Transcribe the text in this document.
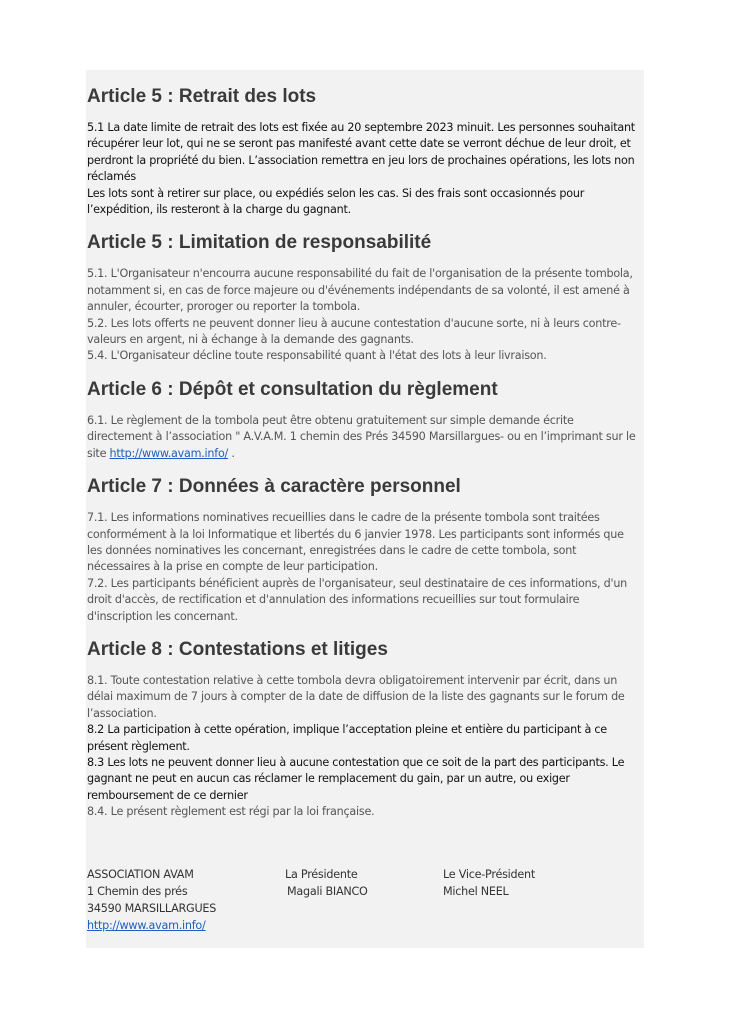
Article 5 : Retrait des lots

5.1 La date limite de retrait des lots est fixée au 20 septembre 2023 minuit. Les personnes souhaitant récupérer leur lot, qui ne se seront pas manifesté avant cette date se verront déchue de leur droit, et perdront la propriété du bien. L’association remettra en jeu lors de prochaines opérations, les lots non réclamés

Les lots sont à retirer sur place, ou expédiés selon les cas. Si des frais sont occasionnés pour l’expédition, ils resteront à la charge du gagnant.

Article 5 : Limitation de responsabilité

5.1. L'Organisateur n'encourra aucune responsabilité du fait de l'organisation de la présente tombola, notamment si, en cas de force majeure ou d'événements indépendants de sa volonté, il est amené à annuler, écourter, proroger ou reporter la tombola.

5.2. Les lots offerts ne peuvent donner lieu à aucune contestation d'aucune sorte, ni à leurs contre-valeurs en argent, ni à échange à la demande des gagnants.

5.4. L'Organisateur décline toute responsabilité quant à l'état des lots à leur livraison.

Article 6 : Dépôt et consultation du règlement

6.1. Le règlement de la tombola peut être obtenu gratuitement sur simple demande écrite directement à l’association " A.V.A.M. 1 chemin des Prés 34590 Marsillargues- ou en l’imprimant sur le site http://www.avam.info/ .

Article 7 : Données à caractère personnel

7.1. Les informations nominatives recueillies dans le cadre de la présente tombola sont traitées conformément à la loi Informatique et libertés du 6 janvier 1978. Les participants sont informés que les données nominatives les concernant, enregistrées dans le cadre de cette tombola, sont nécessaires à la prise en compte de leur participation.

7.2. Les participants bénéficient auprès de l'organisateur, seul destinataire de ces informations, d'un droit d'accès, de rectification et d'annulation des informations recueillies sur tout formulaire d'inscription les concernant.

Article 8 : Contestations et litiges

8.1. Toute contestation relative à cette tombola devra obligatoirement intervenir par écrit, dans un délai maximum de 7 jours à compter de la date de diffusion de la liste des gagnants sur le forum de l’association.

8.2 La participation à cette opération, implique l’acceptation pleine et entière du participant à ce présent règlement.

8.3 Les lots ne peuvent donner lieu à aucune contestation que ce soit de la part des participants. Le gagnant ne peut en aucun cas réclamer le remplacement du gain, par un autre, ou exiger remboursement de ce dernier

8.4. Le présent règlement est régi par la loi française.

ASSOCIATION AVAM
1 Chemin des prés
34590 MARSILLARGUES
http://www.avam.info/
La Présidente
Magali BIANCO
Le Vice-Président
Michel NEEL
